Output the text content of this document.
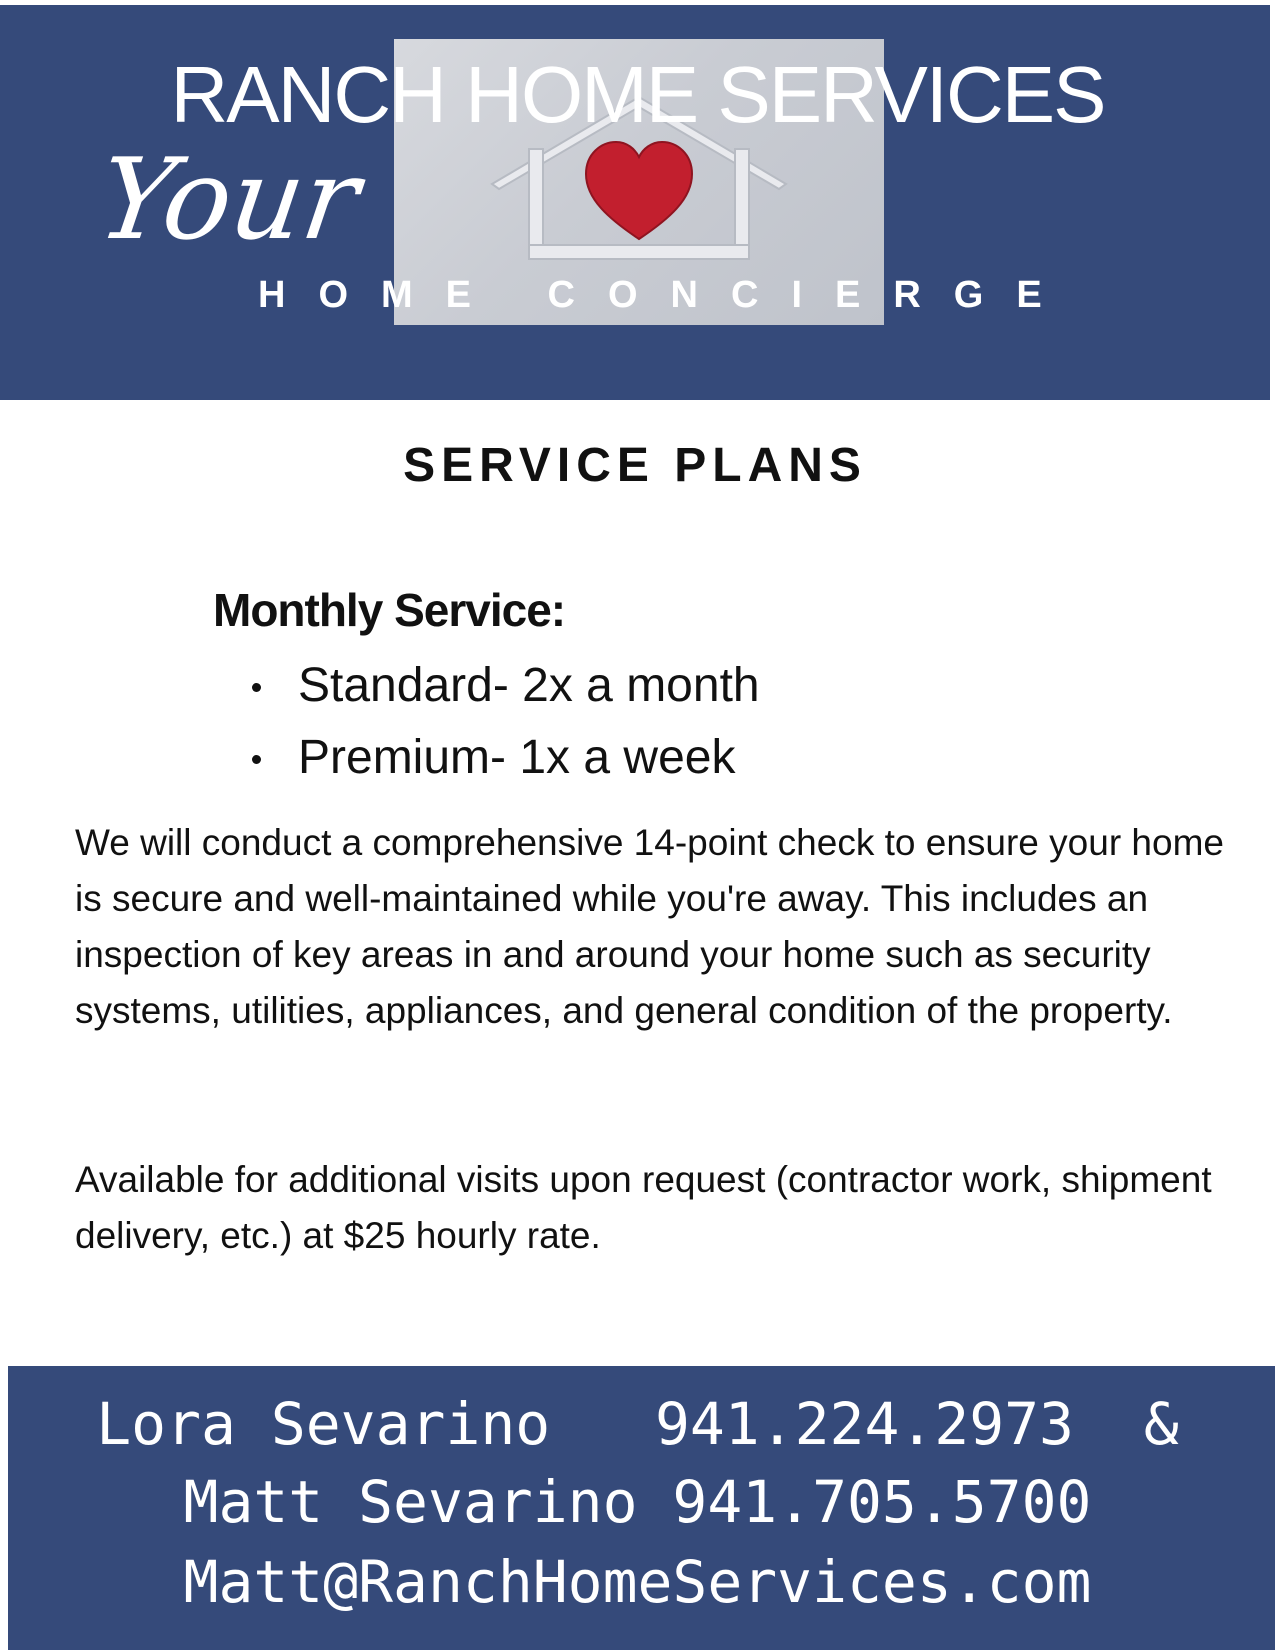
RANCH HOME SERVICES
Your
HOME CONCIERGE
SERVICE PLANS
Monthly Service:
Standard- 2x a month
Premium- 1x a week

We will conduct a comprehensive 14-point check to ensure your home is secure and well-maintained while you're away. This includes an inspection of key areas in and around your home such as security systems, utilities, appliances, and general condition of the property.

Available for additional visits upon request (contractor work, shipment delivery, etc.) at $25 hourly rate.

Lora Sevarino   941.224.2973  &
Matt Sevarino 941.705.5700
Matt@RanchHomeServices.com
